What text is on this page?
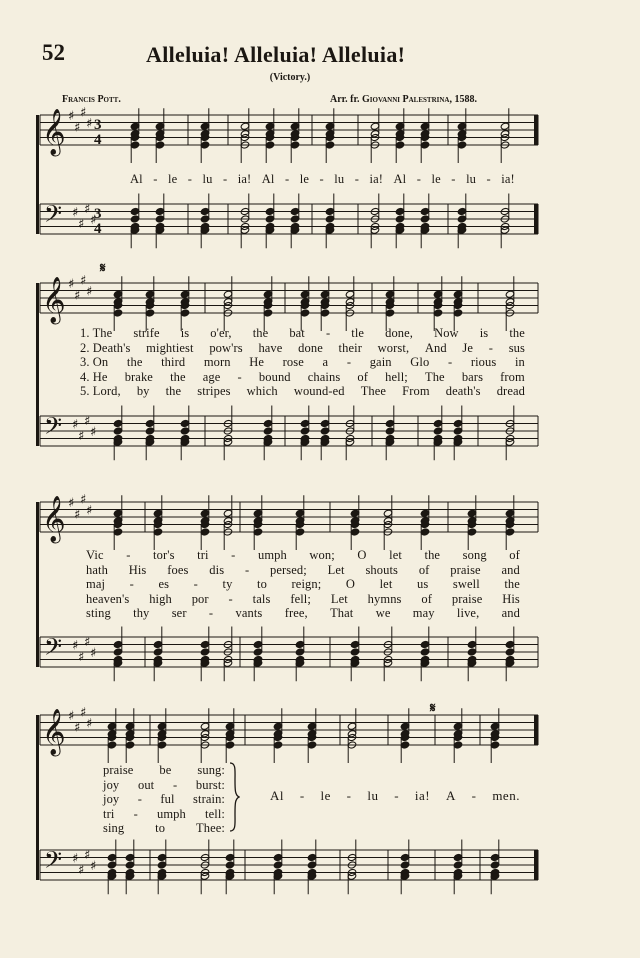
𝄞 ♯
♯
♯
♯ 3
4
𝄢 ♯
♯
♯
♯
3
4
𝄞 ♯
♯
♯
♯
𝄢 ♯
♯
♯
♯
𝄞 ♯
♯
♯
♯
𝄢 ♯
♯
♯
♯
𝄞 ♯
♯
♯
♯
𝄢 ♯
♯
♯
♯
52	Alleluia! Alleluia! Alleluia!
(Victory.)
Francis Pott.	Arr. fr. Giovanni Palestrina, 1588.
𝄋
𝄋
Al - le - lu - ia! Al - le - lu - ia! Al - le - lu - ia!
1. The strife is o'er, the bat - tle done, Now is the
2. Death's mightiest pow'rs have done their worst, And Je - sus
3. On the third morn He rose a - gain Glo - rious in
4. He brake the age - bound chains of hell; The bars from
5. Lord, by the stripes which wound-ed Thee From death's dread
Vic - tor's tri - umph won; O let the song of
hath His foes dis - persed; Let shouts of praise and
maj - es - ty to reign; O let us swell the
heaven's high por - tals fell; Let hymns of praise His
sting thy ser - vants free, That we may live, and
praise be sung:
joy out - burst:
joy - ful strain:
tri - umph tell:
sing to Thee:
Al - le - lu - ia! A - men.
